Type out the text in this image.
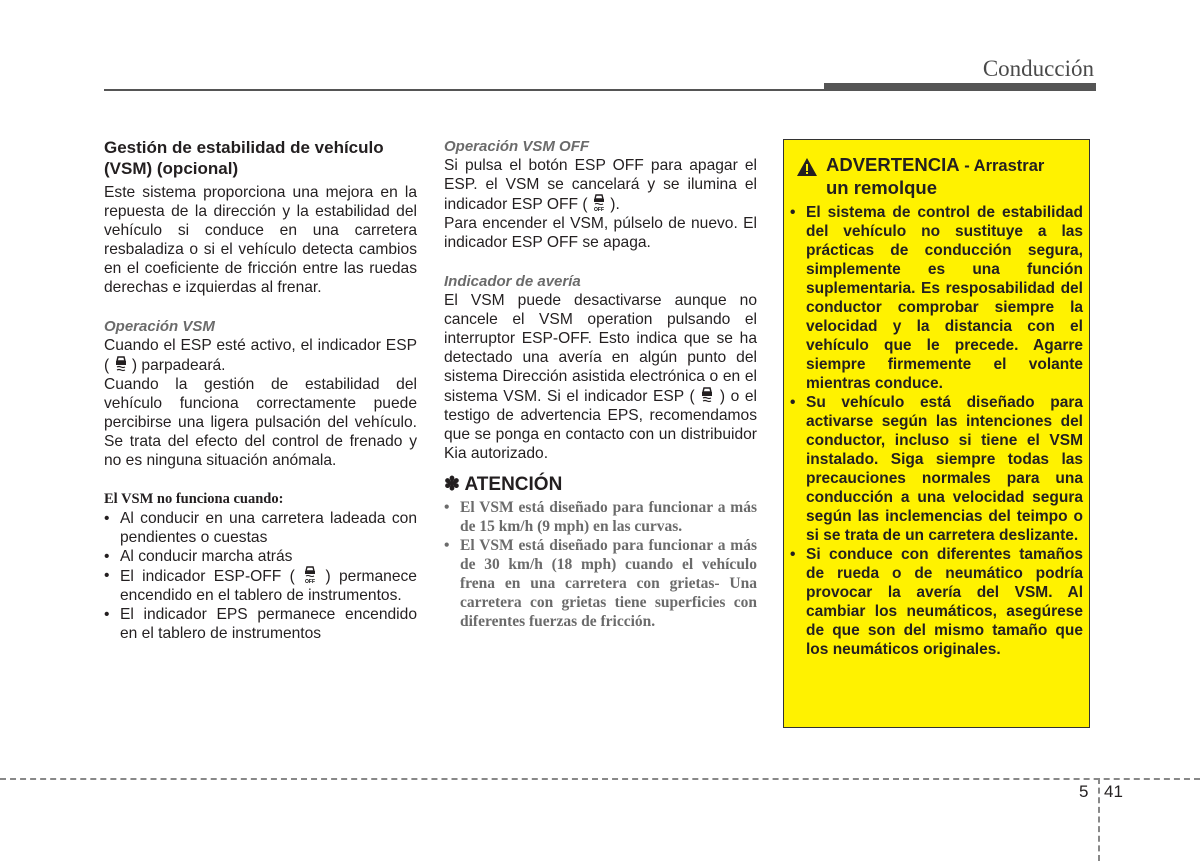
Conducción
Gestión de estabilidad de vehículo (VSM) (opcional)

Este sistema proporciona una mejora en la repuesta de la dirección y la estabilidad del vehículo si conduce en una carretera resbaladiza o si el vehículo detecta cambios en el coeficiente de fricción entre las ruedas derechas e izquierdas al frenar.

Operación VSM

Cuando el ESP esté activo, el indicador ESP ( ) parpadeará.

Cuando la gestión de estabilidad del vehículo funciona correctamente puede percibirse una ligera pulsación del vehículo. Se trata del efecto del control de frenado y no es ninguna situación anómala.

El VSM no funciona cuando:

• Al conducir en una carretera ladeada con pendientes o cuestas
• Al conducir marcha atrás
• El indicador ESP-OFF ( OFF ) permanece encendido en el tablero de instrumentos.
• El indicador EPS permanece encendido en el tablero de instrumentos

Operación VSM OFF

Si pulsa el botón ESP OFF para apagar el ESP. el VSM se cancelará y se ilumina el indicador ESP OFF ( OFF ).

Para encender el VSM, púlselo de nuevo. El indicador ESP OFF se apaga.

Indicador de avería

El VSM puede desactivarse aunque no cancele el VSM operation pulsando el interruptor ESP-OFF. Esto indica que se ha detectado una avería en algún punto del sistema Dirección asistida electrónica o en el sistema VSM. Si el indicador ESP ( ) o el testigo de advertencia EPS, recomendamos que se ponga en contacto con un distribuidor Kia autorizado.

✽ ATENCIÓN
• El VSM está diseñado para funcionar a más de 15 km/h (9 mph) en las curvas.
• El VSM está diseñado para funcionar a más de 30 km/h (18 mph) cuando el vehículo frena en una carretera con grietas- Una carretera con grietas tiene superficies con diferentes fuerzas de fricción.
ADVERTENCIA - Arrastrar
un remolque
• El sistema de control de estabilidad del vehículo no sustituye a las prácticas de conducción segura, simplemente es una función suplementaria. Es resposabilidad del conductor comprobar siempre la velocidad y la distancia con el vehículo que le precede. Agarre siempre firmemente el volante mientras conduce.
• Su vehículo está diseñado para activarse según las intenciones del conductor, incluso si tiene el VSM instalado. Siga siempre todas las precauciones normales para una conducción a una velocidad segura según las inclemencias del teimpo o si se trata de un carretera deslizante.
• Si conduce con diferentes tamaños de rueda o de neumático podría provocar la avería del VSM. Al cambiar los neumáticos, asegúrese de que son del mismo tamaño que los neumáticos originales.
5 41
